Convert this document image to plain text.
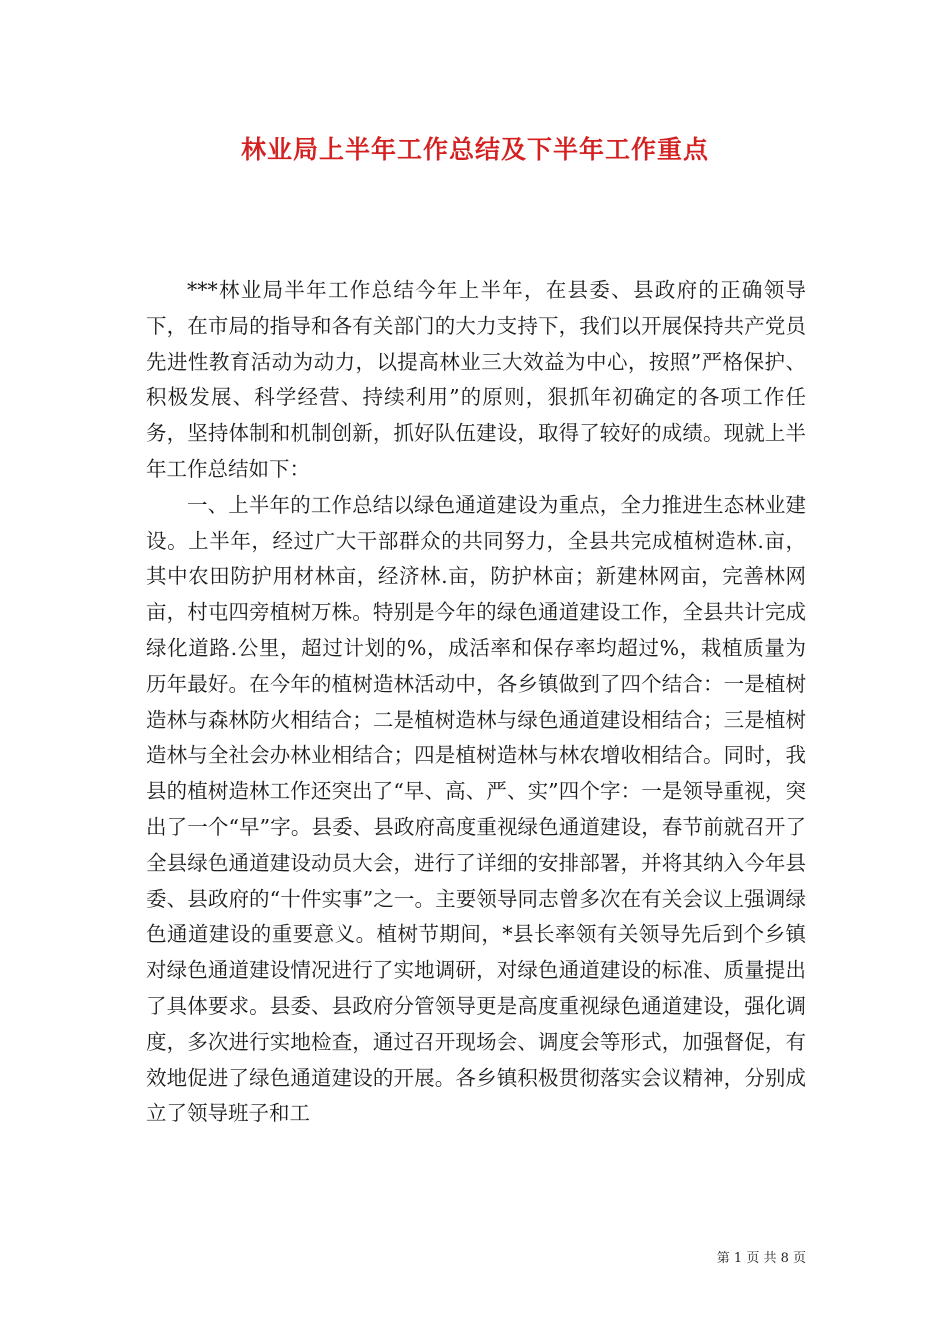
林业局上半年工作总结及下半年工作重点

***林业局半年工作总结今年上半年，在县委、县政府的正确领导下，在市局的指导和各有关部门的大力支持下，我们以开展保持共产党员先进性教育活动为动力，以提高林业三大效益为中心，按照”严格保护、积极发展、科学经营、持续利用”的原则，狠抓年初确定的各项工作任务，坚持体制和机制创新，抓好队伍建设，取得了较好的成绩。现就上半年工作总结如下：

一、上半年的工作总结以绿色通道建设为重点，全力推进生态林业建设。上半年，经过广大干部群众的共同努力，全县共完成植树造林.亩，其中农田防护用材林亩，经济林.亩，防护林亩；新建林网亩，完善林网亩，村屯四旁植树万株。特别是今年的绿色通道建设工作，全县共计完成绿化道路.公里，超过计划的%，成活率和保存率均超过%，栽植质量为历年最好。在今年的植树造林活动中，各乡镇做到了四个结合：一是植树造林与森林防火相结合；二是植树造林与绿色通道建设相结合；三是植树造林与全社会办林业相结合；四是植树造林与林农增收相结合。同时，我县的植树造林工作还突出了“早、高、严、实”四个字：一是领导重视，突出了一个“早”字。县委、县政府高度重视绿色通道建设，春节前就召开了全县绿色通道建设动员大会，进行了详细的安排部署，并将其纳入今年县委、县政府的“十件实事”之一。主要领导同志曾多次在有关会议上强调绿色通道建设的重要意义。植树节期间，*县长率领有关领导先后到个乡镇对绿色通道建设情况进行了实地调研，对绿色通道建设的标准、质量提出了具体要求。县委、县政府分管领导更是高度重视绿色通道建设，强化调度，多次进行实地检查，通过召开现场会、调度会等形式，加强督促，有效地促进了绿色通道建设的开展。各乡镇积极贯彻落实会议精神，分别成立了领导班子和工

第 1 页 共 8 页
